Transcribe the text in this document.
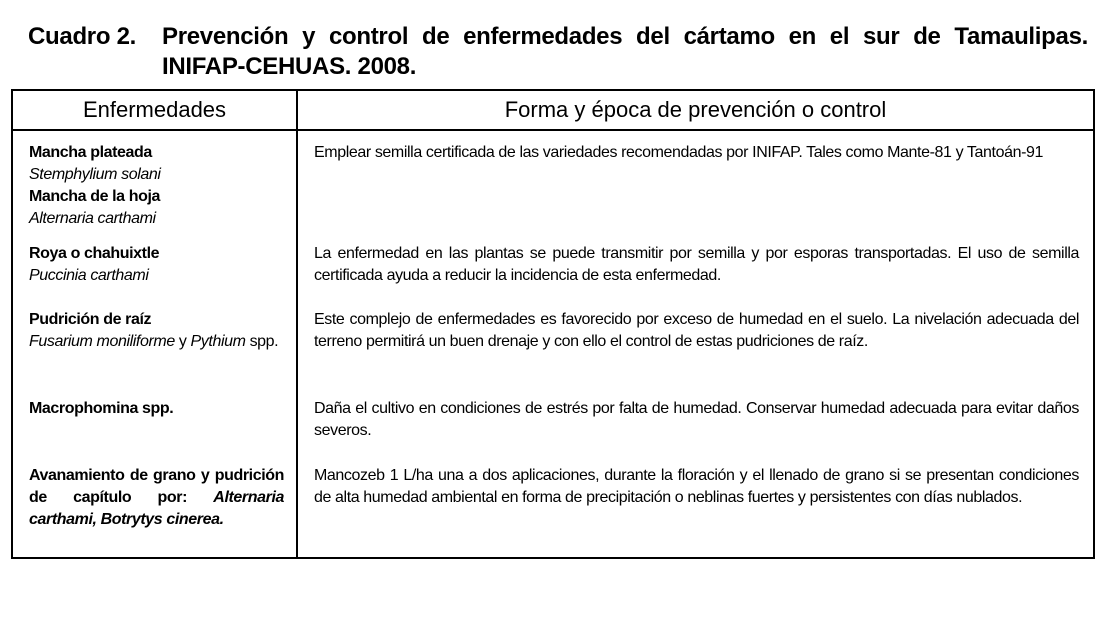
Cuadro 2.	Prevención y control de enfermedades del cártamo en el sur de Tamaulipas.
INIFAP-CEHUAS. 2008.
Enfermedades	Forma y época de prevención o control

Mancha plateada
Stemphylium solani
Mancha de la hoja
Alternaria carthami	Emplear semilla certificada de las variedades recomendadas por INIFAP. Tales como Mante-81 y Tantoán-91

Roya o chahuixtle
Puccinia carthami	La enfermedad en las plantas se puede transmitir por semilla y por esporas transportadas. El uso de semilla certificada ayuda a reducir la incidencia de esta enfermedad.

Pudrición de raíz
Fusarium moniliforme y Pythium spp.	Este complejo de enfermedades es favorecido por exceso de humedad en el suelo. La nivelación adecuada del terreno permitirá un buen drenaje y con ello el control de estas pudriciones de raíz.

Macrophomina spp.	Daña el cultivo en condiciones de estrés por falta de humedad. Conservar humedad adecuada para evitar daños severos.
Avanamiento de grano y pudrición de capítulo por: Alternaria carthami, Botrytys cinerea.	Mancozeb 1 L/ha una a dos aplicaciones, durante la floración y el llenado de grano si se presentan condiciones de alta humedad ambiental en forma de precipitación o neblinas fuertes y persistentes con días nublados.
